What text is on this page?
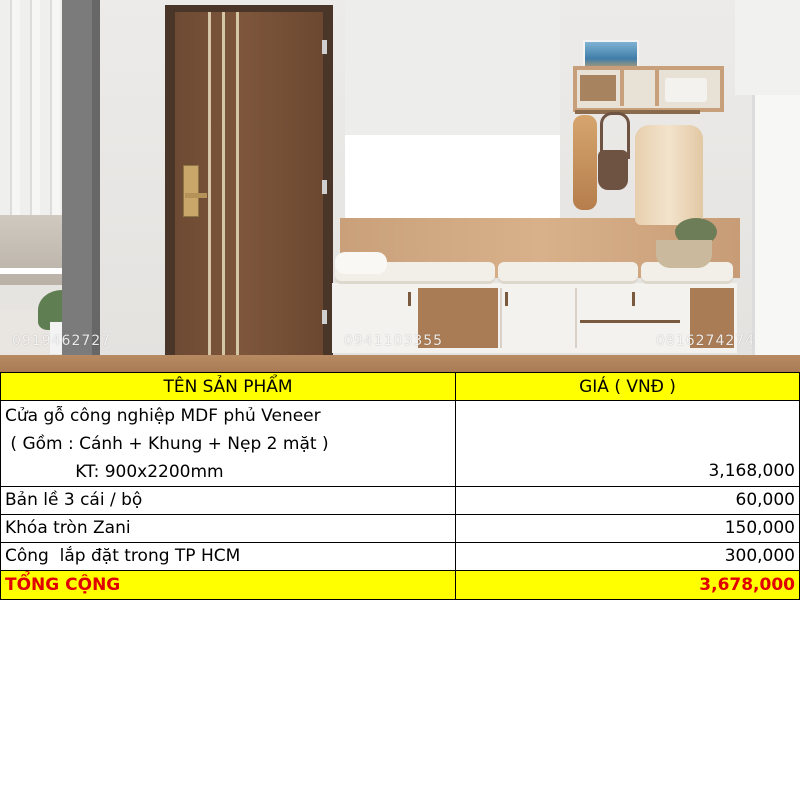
0919462727	0941103355	0816274274
TÊN SẢN PHẨM	GIÁ ( VNĐ )
Cửa gỗ công nghiệp MDF phủ Veneer
( Gồm : Cánh + Khung + Nẹp 2 mặt )
KT: 900x2200mm	3,168,000
Bản lề 3 cái / bộ	60,000
Khóa tròn Zani	150,000
Công  lắp đặt trong TP HCM	300,000
TỔNG CỘNG	3,678,000
